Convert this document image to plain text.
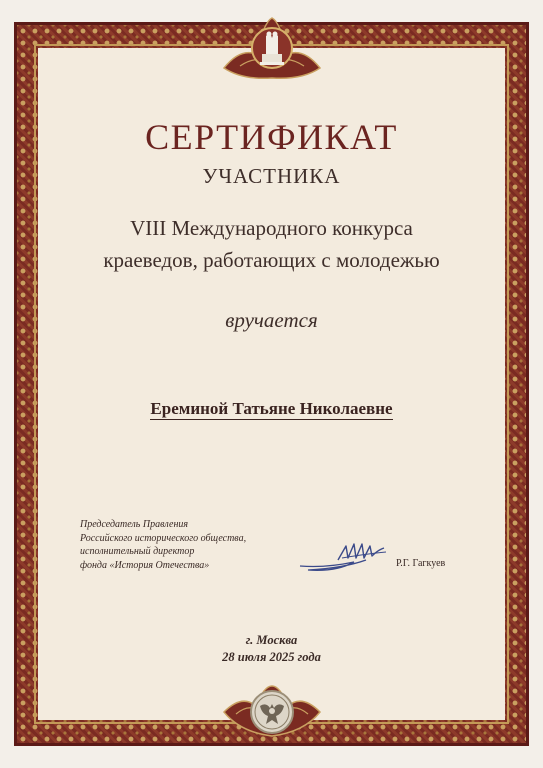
СЕРТИФИКАТ
УЧАСТНИКА
VIII Международного конкурса
краеведов, работающих с молодежью
вручается
Ереминой Татьяне Николаевне
Председатель Правления
Российского исторического общества,
исполнительный директор
фонда «История Отечества»	Р.Г. Гагкуев
г. Москва
28 июля 2025 года
